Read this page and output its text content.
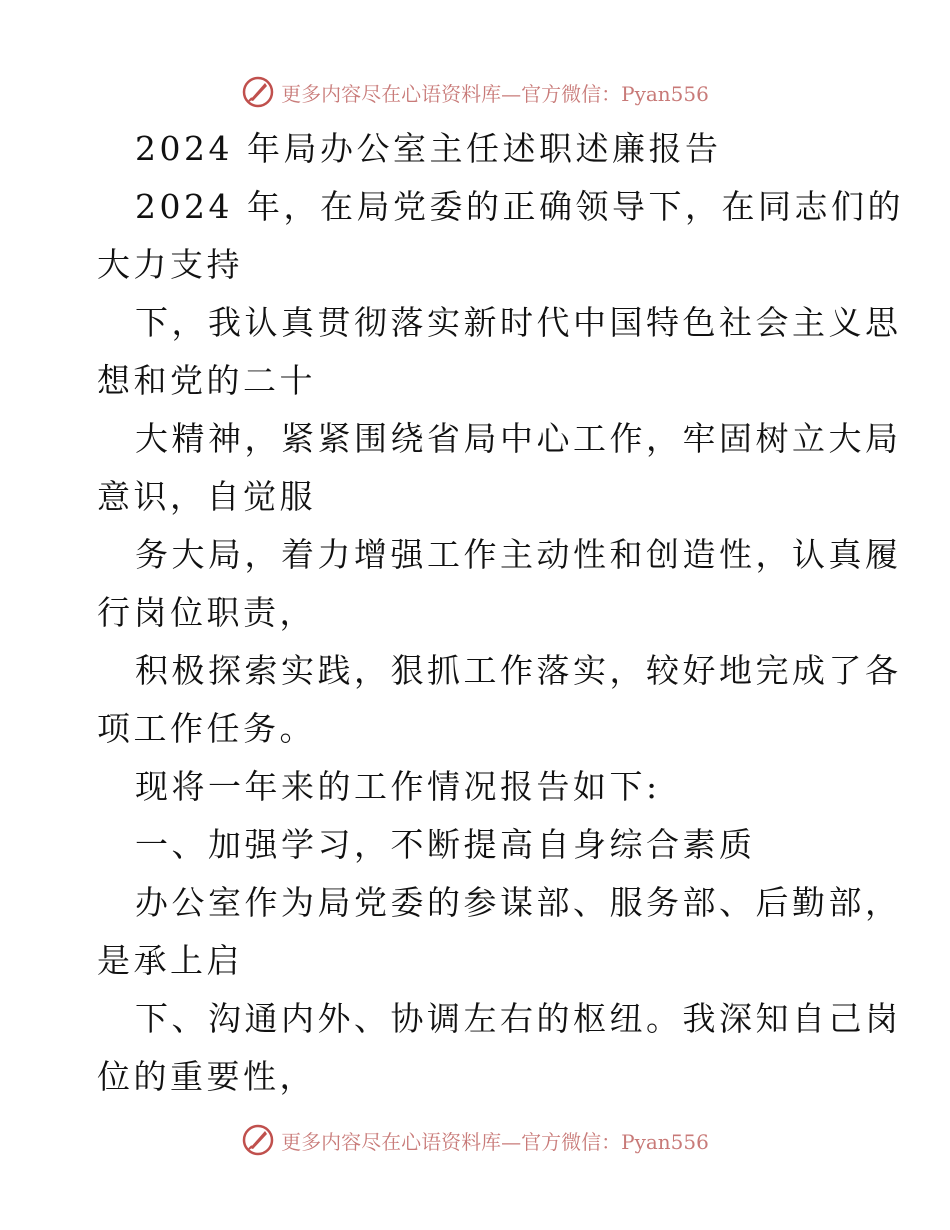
更多内容尽在心语资料库—官方微信：Pyan556
2024 年局办公室主任述职述廉报告
2024 年，在局党委的正确领导下，在同志们的
大力支持
下，我认真贯彻落实新时代中国特色社会主义思
想和党的二十
大精神，紧紧围绕省局中心工作，牢固树立大局
意识，自觉服
务大局，着力增强工作主动性和创造性，认真履
行岗位职责，
积极探索实践，狠抓工作落实，较好地完成了各
项工作任务。
现将一年来的工作情况报告如下:
一、加强学习，不断提高自身综合素质
办公室作为局党委的参谋部、服务部、后勤部，
是承上启
下、沟通内外、协调左右的枢纽。我深知自己岗
位的重要性，
更多内容尽在心语资料库—官方微信：Pyan556
